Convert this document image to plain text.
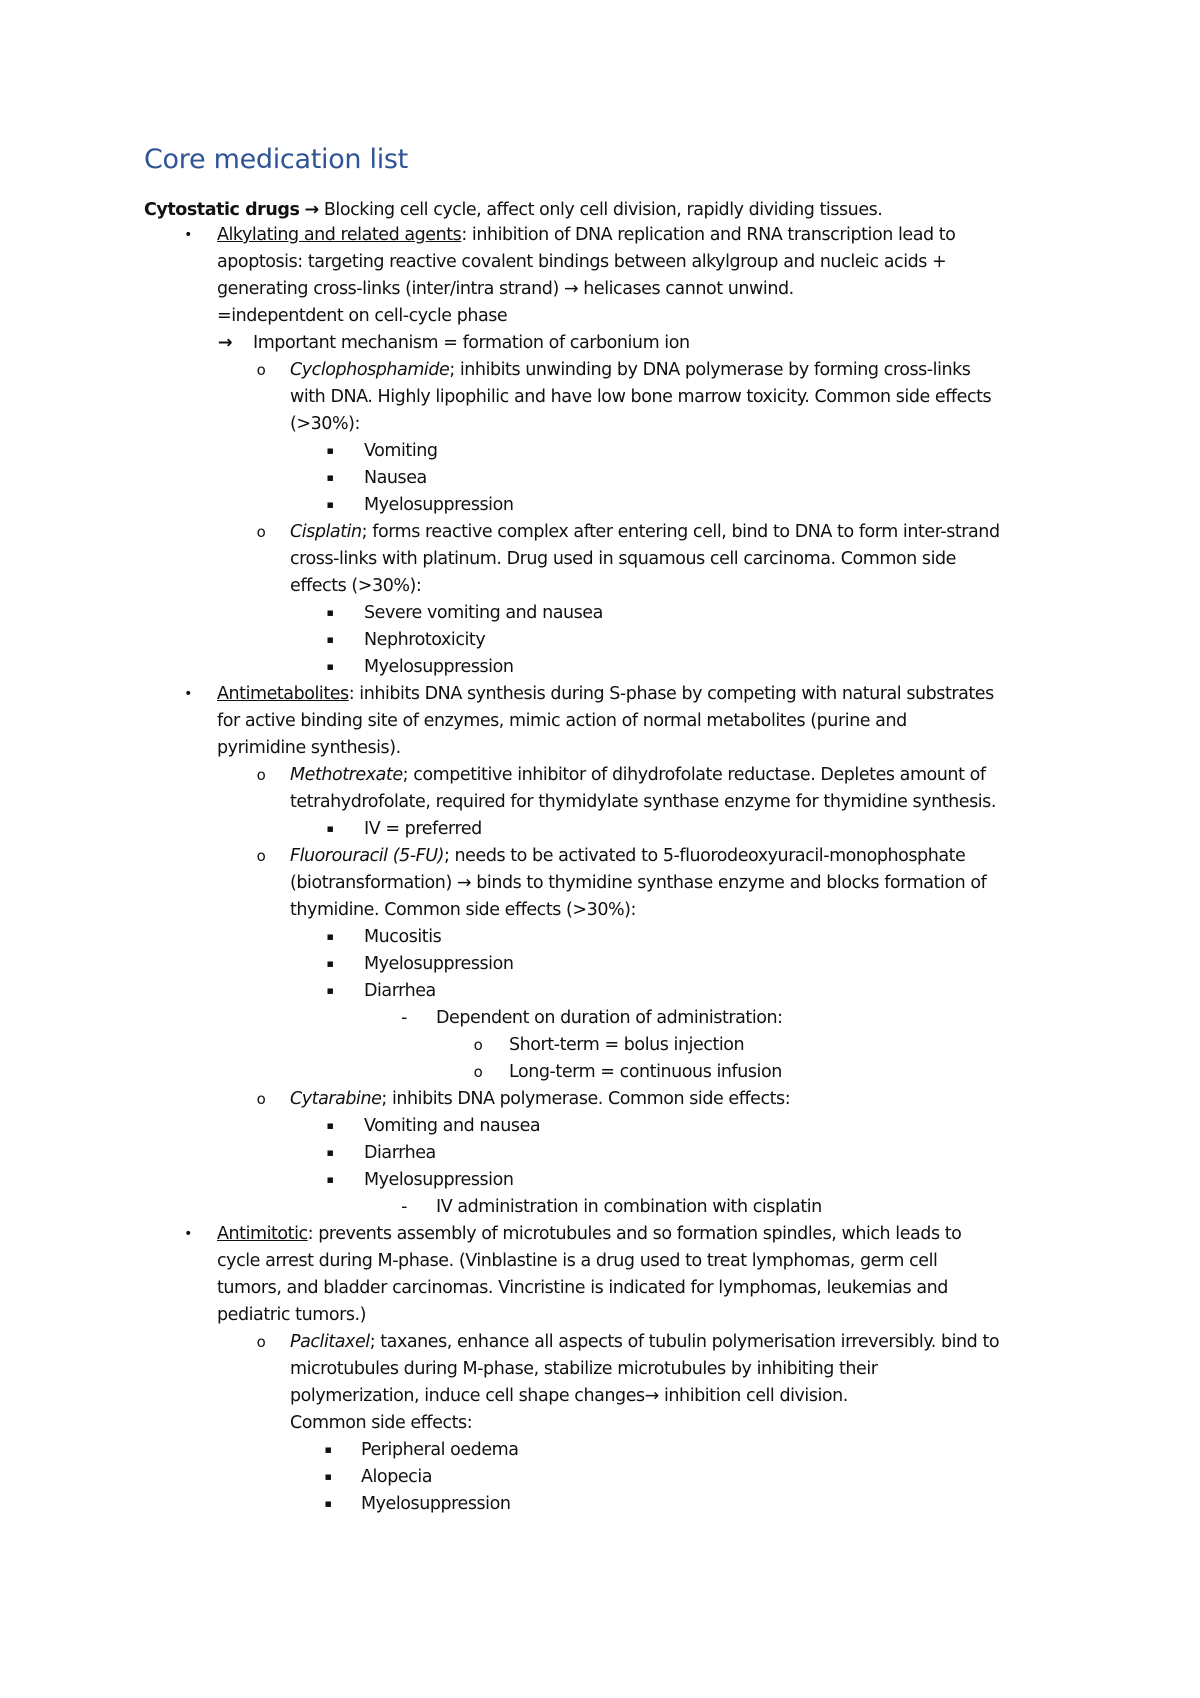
Core medication list
Cytostatic drugs → Blocking cell cycle, affect only cell division, rapidly dividing tissues.
•	Alkylating and related agents: inhibition of DNA replication and RNA transcription lead to
apoptosis: targeting reactive covalent bindings between alkylgroup and nucleic acids +
generating cross-links (inter/intra strand) → helicases cannot unwind.
=indepentdent on cell-cycle phase
→ Important mechanism = formation of carbonium ion
o	Cyclophosphamide; inhibits unwinding by DNA polymerase by forming cross-links
with DNA. Highly lipophilic and have low bone marrow toxicity. Common side effects
(>30%):
▪	Vomiting
▪	Nausea
▪	Myelosuppression
o	Cisplatin; forms reactive complex after entering cell, bind to DNA to form inter-strand
cross-links with platinum. Drug used in squamous cell carcinoma. Common side
effects (>30%):
▪	Severe vomiting and nausea
▪	Nephrotoxicity
▪	Myelosuppression
•	Antimetabolites: inhibits DNA synthesis during S-phase by competing with natural substrates
for active binding site of enzymes, mimic action of normal metabolites (purine and
pyrimidine synthesis).
o	Methotrexate; competitive inhibitor of dihydrofolate reductase. Depletes amount of
tetrahydrofolate, required for thymidylate synthase enzyme for thymidine synthesis.
▪	IV = preferred
o	Fluorouracil (5-FU); needs to be activated to 5-fluorodeoxyuracil-monophosphate
(biotransformation) → binds to thymidine synthase enzyme and blocks formation of
thymidine. Common side effects (>30%):
▪	Mucositis
▪	Myelosuppression
▪	Diarrhea
-	Dependent on duration of administration:
o	Short-term = bolus injection
o	Long-term = continuous infusion
o	Cytarabine; inhibits DNA polymerase. Common side effects:
▪	Vomiting and nausea
▪	Diarrhea
▪	Myelosuppression
-	IV administration in combination with cisplatin
•	Antimitotic: prevents assembly of microtubules and so formation spindles, which leads to
cycle arrest during M-phase. (Vinblastine is a drug used to treat lymphomas, germ cell
tumors, and bladder carcinomas. Vincristine is indicated for lymphomas, leukemias and
pediatric tumors.)
o	Paclitaxel; taxanes, enhance all aspects of tubulin polymerisation irreversibly. bind to
microtubules during M-phase, stabilize microtubules by inhibiting their
polymerization, induce cell shape changes→ inhibition cell division.
Common side effects:
▪	Peripheral oedema
▪	Alopecia
▪	Myelosuppression
